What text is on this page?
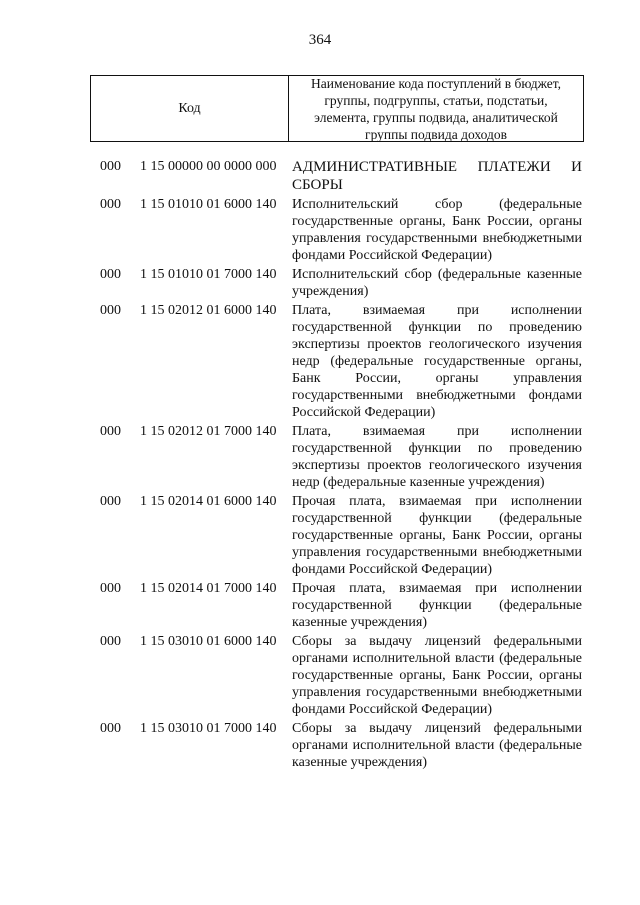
364
Код
Наименование кода поступлений в бюджет, группы, подгруппы, статьи, подстатьи, элемента, группы подвида, аналитической группы подвида доходов
000	1 15 00000 00 0000 000	АДМИНИСТРАТИВНЫЕ ПЛАТЕЖИ И СБОРЫ
000	1 15 01010 01 6000 140	Исполнительский сбор (федеральные государственные органы, Банк России, органы управления государственными внебюджетными фондами Российской Федерации)
000	1 15 01010 01 7000 140	Исполнительский сбор (федеральные казенные учреждения)
000	1 15 02012 01 6000 140	Плата, взимаемая при исполнении государственной функции по проведению экспертизы проектов геологического изучения недр (федеральные государственные органы, Банк России, органы управления государственными внебюджетными фондами Российской Федерации)
000	1 15 02012 01 7000 140	Плата, взимаемая при исполнении государственной функции по проведению экспертизы проектов геологического изучения недр (федеральные казенные учреждения)
000	1 15 02014 01 6000 140	Прочая плата, взимаемая при исполнении государственной функции (федеральные государственные органы, Банк России, органы управления государственными внебюджетными фондами Российской Федерации)
000	1 15 02014 01 7000 140	Прочая плата, взимаемая при исполнении государственной функции (федеральные казенные учреждения)
000	1 15 03010 01 6000 140	Сборы за выдачу лицензий федеральными органами исполнительной власти (федеральные государственные органы, Банк России, органы управления государственными внебюджетными фондами Российской Федерации)
000	1 15 03010 01 7000 140	Сборы за выдачу лицензий федеральными органами исполнительной власти (федеральные казенные учреждения)
